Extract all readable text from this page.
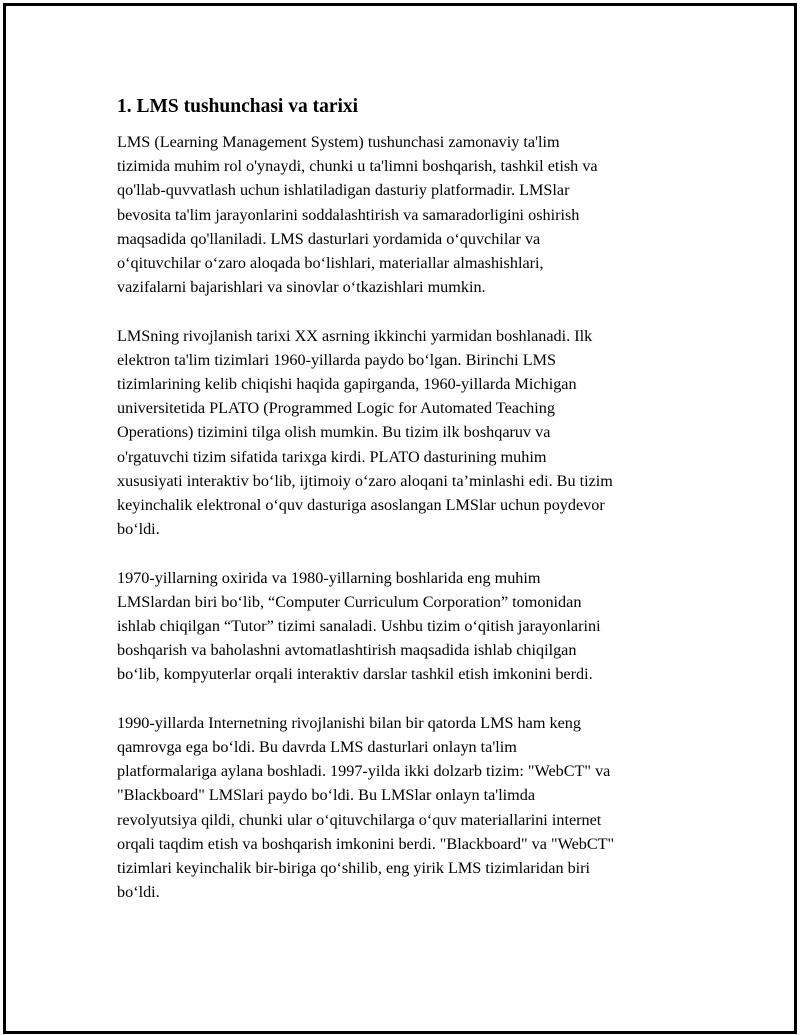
1. LMS tushunchasi va tarixi

LMS (Learning Management System) tushunchasi zamonaviy ta'lim
tizimida muhim rol o'ynaydi, chunki u ta'limni boshqarish, tashkil etish va
qo'llab-quvvatlash uchun ishlatiladigan dasturiy platformadir. LMSlar
bevosita ta'lim jarayonlarini soddalashtirish va samaradorligini oshirish
maqsadida qo'llaniladi. LMS dasturlari yordamida o‘quvchilar va
o‘qituvchilar o‘zaro aloqada bo‘lishlari, materiallar almashishlari,
vazifalarni bajarishlari va sinovlar o‘tkazishlari mumkin.

LMSning rivojlanish tarixi XX asrning ikkinchi yarmidan boshlanadi. Ilk
elektron ta'lim tizimlari 1960-yillarda paydo bo‘lgan. Birinchi LMS
tizimlarining kelib chiqishi haqida gapirganda, 1960-yillarda Michigan
universitetida PLATO (Programmed Logic for Automated Teaching
Operations) tizimini tilga olish mumkin. Bu tizim ilk boshqaruv va
o'rgatuvchi tizim sifatida tarixga kirdi. PLATO dasturining muhim
xususiyati interaktiv bo‘lib, ijtimoiy o‘zaro aloqani ta’minlashi edi. Bu tizim
keyinchalik elektronal o‘quv dasturiga asoslangan LMSlar uchun poydevor
bo‘ldi.

1970-yillarning oxirida va 1980-yillarning boshlarida eng muhim
LMSlardan biri bo‘lib, “Computer Curriculum Corporation” tomonidan
ishlab chiqilgan “Tutor” tizimi sanaladi. Ushbu tizim o‘qitish jarayonlarini
boshqarish va baholashni avtomatlashtirish maqsadida ishlab chiqilgan
bo‘lib, kompyuterlar orqali interaktiv darslar tashkil etish imkonini berdi.

1990-yillarda Internetning rivojlanishi bilan bir qatorda LMS ham keng
qamrovga ega bo‘ldi. Bu davrda LMS dasturlari onlayn ta'lim
platformalariga aylana boshladi. 1997-yilda ikki dolzarb tizim: "WebCT" va
"Blackboard" LMSlari paydo bo‘ldi. Bu LMSlar onlayn ta'limda
revolyutsiya qildi, chunki ular o‘qituvchilarga o‘quv materiallarini internet
orqali taqdim etish va boshqarish imkonini berdi. "Blackboard" va "WebCT"
tizimlari keyinchalik bir-biriga qo‘shilib, eng yirik LMS tizimlaridan biri
bo‘ldi.
